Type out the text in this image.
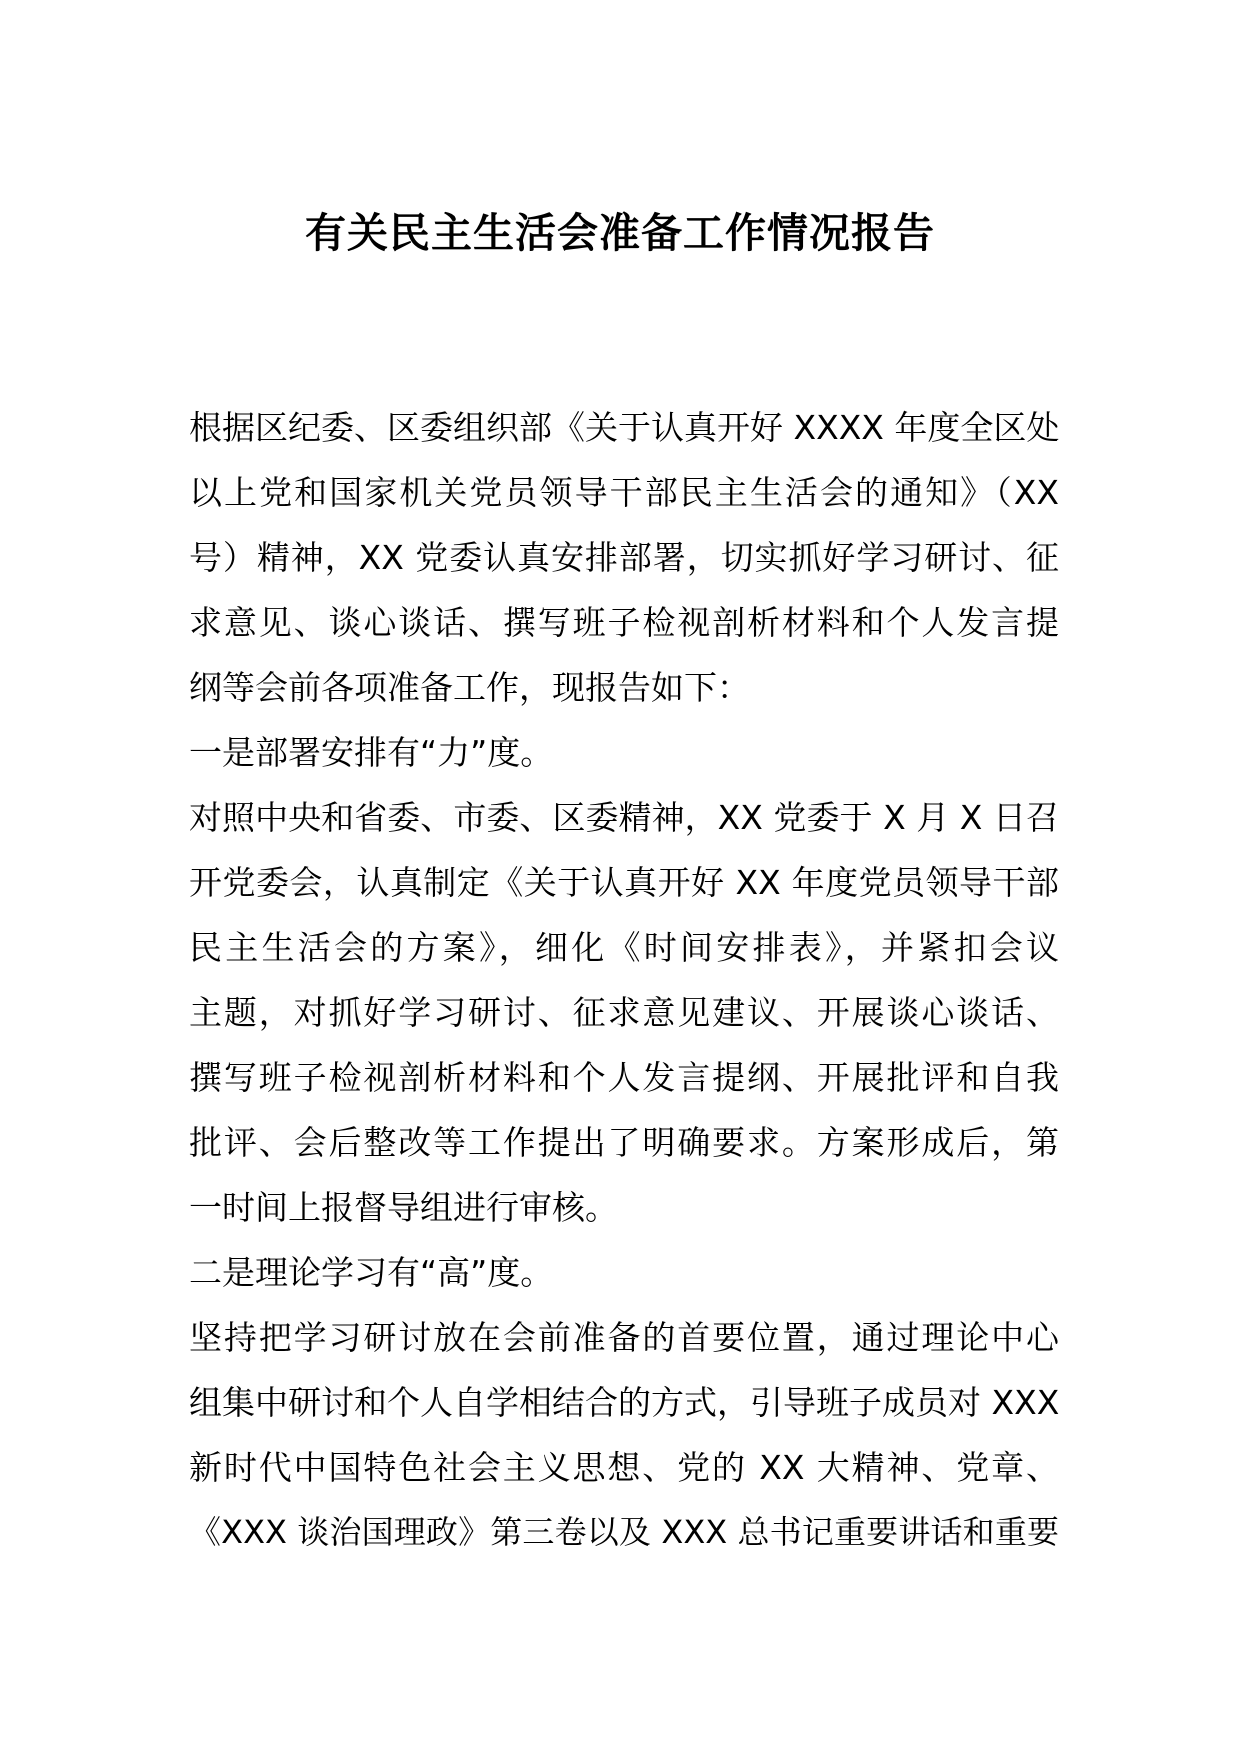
有关民主生活会准备工作情况报告
根据区纪委、区委组织部《关于认真开好 XXXX 年度全区处
以上党和国家机关党员领导干部民主生活会的通知》（XX
号）精神，XX 党委认真安排部署，切实抓好学习研讨、征
求意见、谈心谈话、撰写班子检视剖析材料和个人发言提
纲等会前各项准备工作，现报告如下：
一是部署安排有“力”度。
对照中央和省委、市委、区委精神，XX 党委于 X 月 X 日召
开党委会，认真制定《关于认真开好 XX 年度党员领导干部
民主生活会的方案》，细化《时间安排表》，并紧扣会议
主题，对抓好学习研讨、征求意见建议、开展谈心谈话、
撰写班子检视剖析材料和个人发言提纲、开展批评和自我
批评、会后整改等工作提出了明确要求。方案形成后，第
一时间上报督导组进行审核。
二是理论学习有“高”度。
坚持把学习研讨放在会前准备的首要位置，通过理论中心
组集中研讨和个人自学相结合的方式，引导班子成员对 XXX
新时代中国特色社会主义思想、党的 XX 大精神、党章、
《XXX 谈治国理政》第三卷以及 XXX 总书记重要讲话和重要
